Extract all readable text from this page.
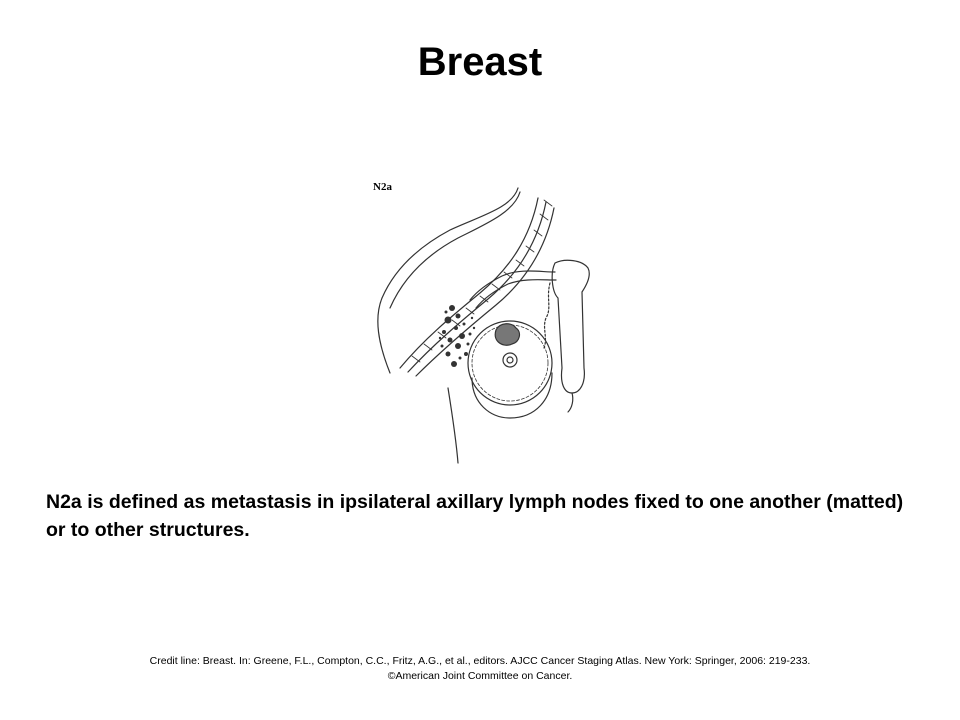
Breast
N2a

N2a is defined as metastasis in ipsilateral axillary lymph nodes fixed to one another (matted) or to other structures.

Credit line: Breast. In: Greene, F.L., Compton, C.C., Fritz, A.G., et al., editors. AJCC Cancer Staging Atlas. New York: Springer, 2006: 219-233.
©American Joint Committee on Cancer.
